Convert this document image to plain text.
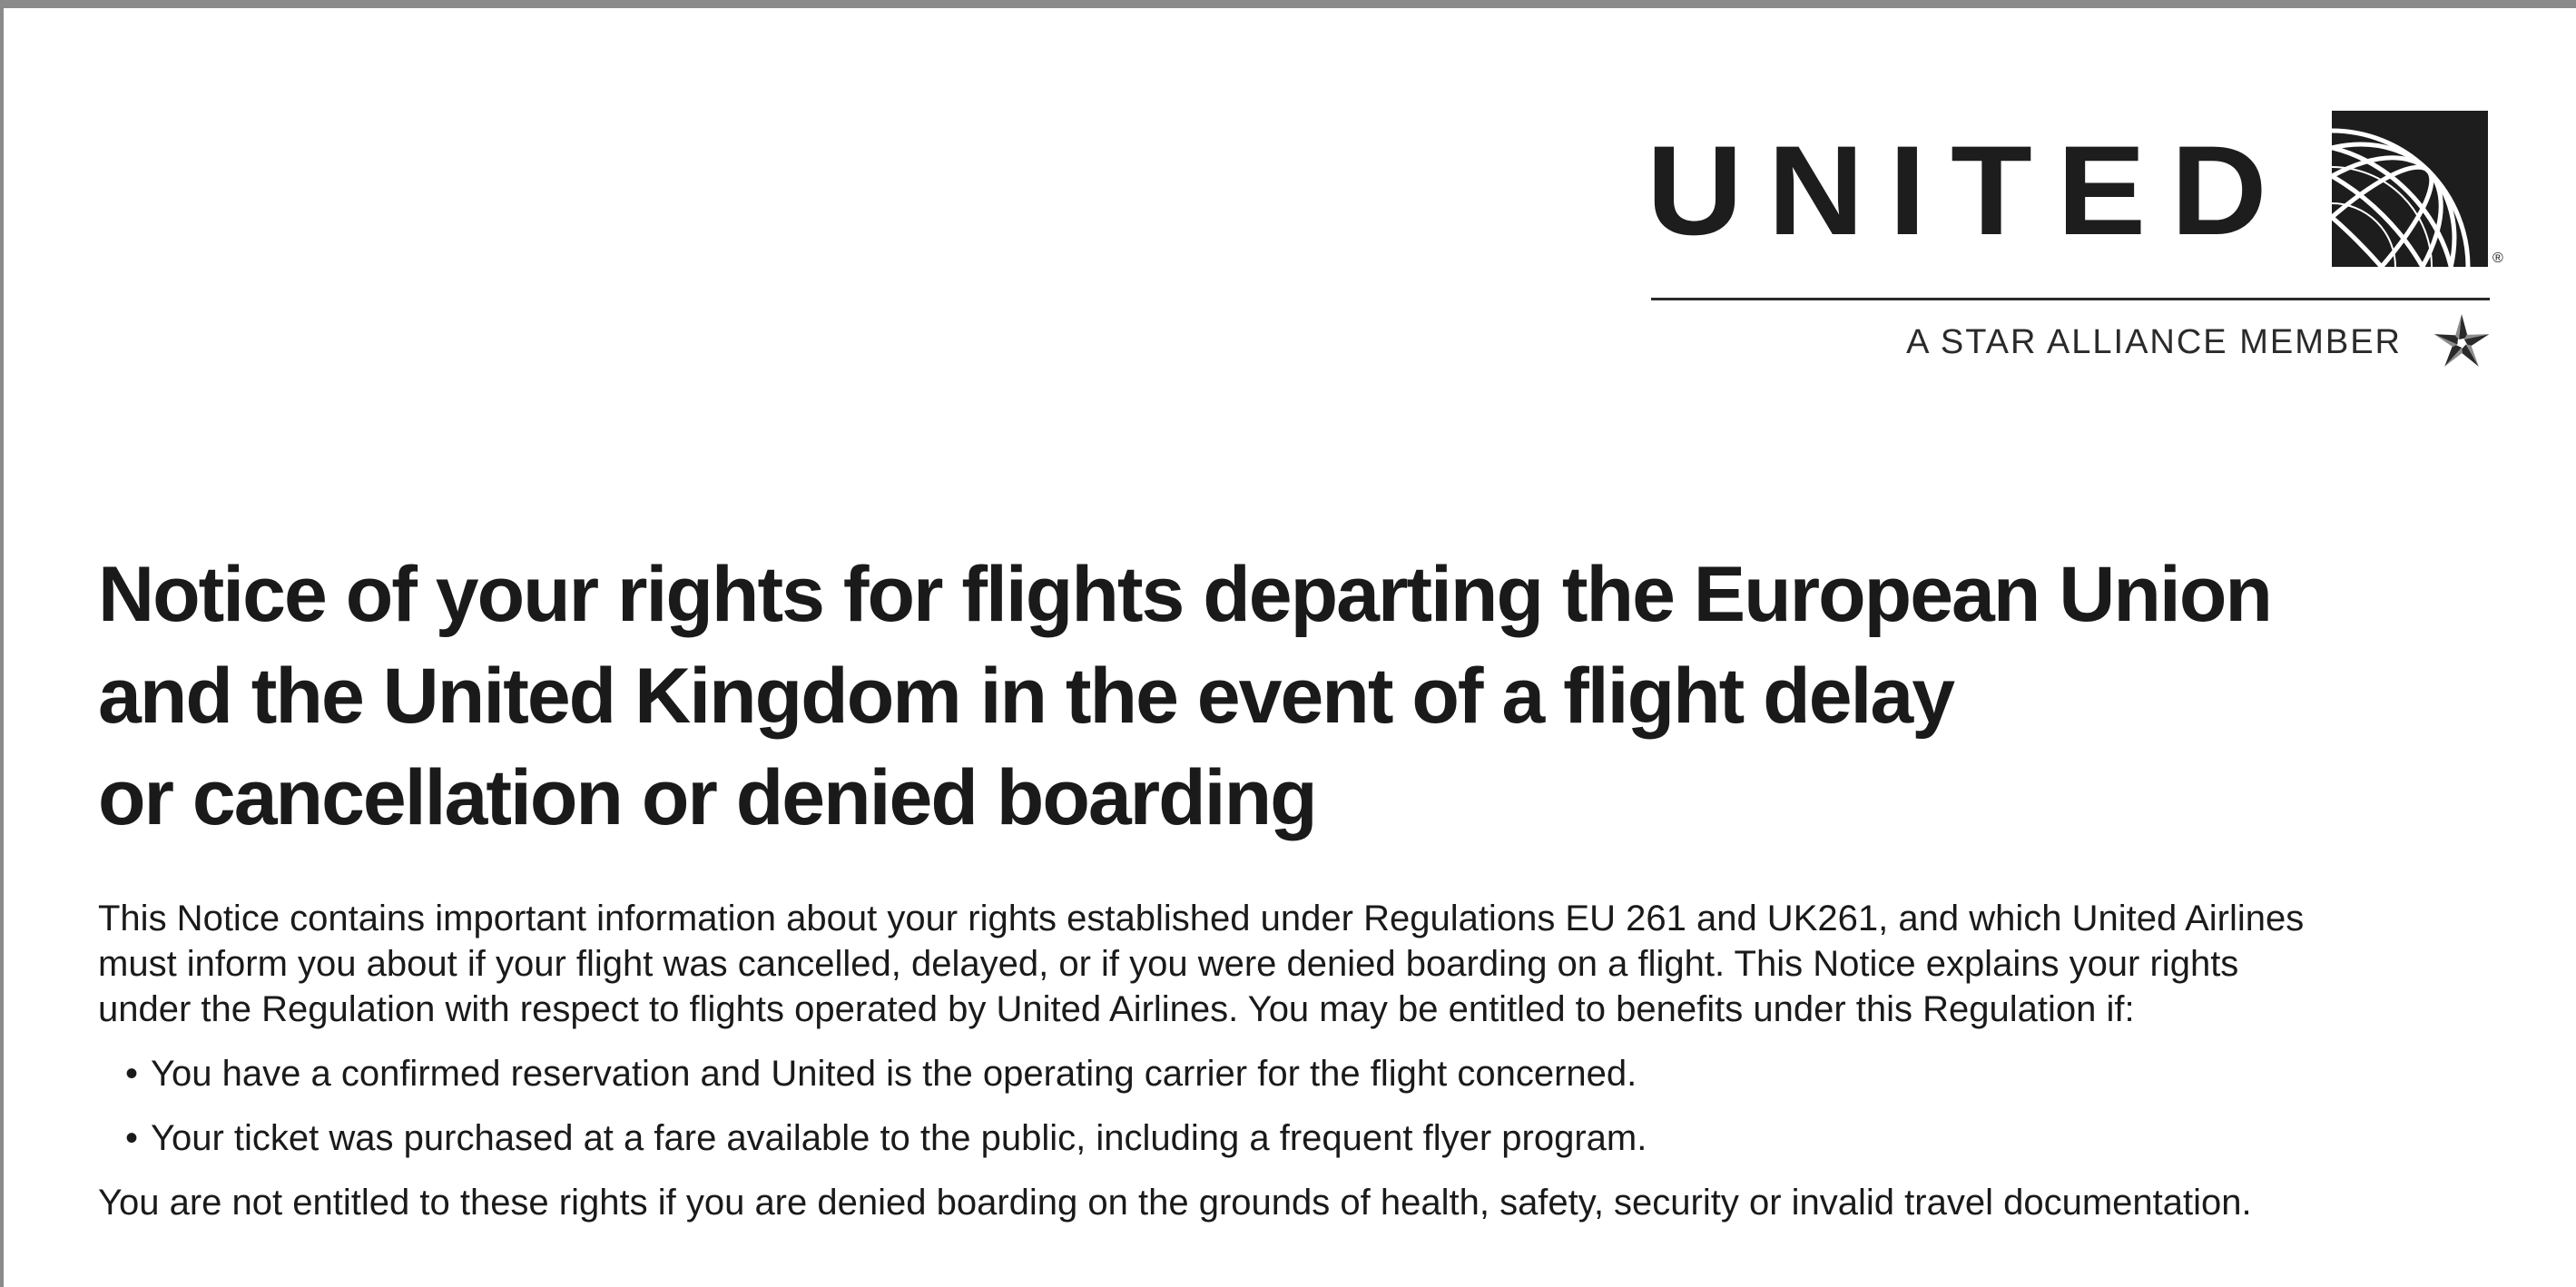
UNITED	®
A STAR ALLIANCE MEMBER
Notice of your rights for flights departing the European Union
and the United Kingdom in the event of a flight delay
or cancellation or denied boarding

This Notice contains important information about your rights established under Regulations EU 261 and UK261, and which United Airlines
must inform you about if your flight was cancelled, delayed, or if you were denied boarding on a flight. This Notice explains your rights
under the Regulation with respect to flights operated by United Airlines. You may be entitled to benefits under this Regulation if:

• You have a confirmed reservation and United is the operating carrier for the flight concerned.
• Your ticket was purchased at a fare available to the public, including a frequent flyer program.

You are not entitled to these rights if you are denied boarding on the grounds of health, safety, security or invalid travel documentation.
